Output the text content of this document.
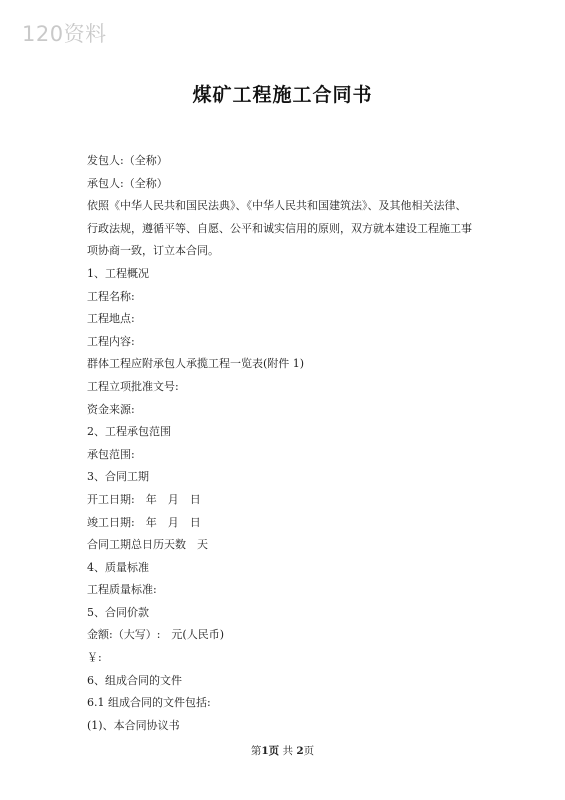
120资料
煤矿工程施工合同书
发包人:（全称）
承包人:（全称）
依照《中华人民共和国民法典》、《中华人民共和国建筑法》、及其他相关法律、
行政法规，遵循平等、自愿、公平和诚实信用的原则，双方就本建设工程施工事
项协商一致，订立本合同。
1、工程概况
工程名称:
工程地点:
工程内容:
群体工程应附承包人承揽工程一览表(附件 1)
工程立项批准文号:
资金来源:
2、工程承包范围
承包范围:
3、合同工期
开工日期:　年　月　日
竣工日期:　年　月　日
合同工期总日历天数　天
4、质量标准
工程质量标准:
5、合同价款
金额:（大写）:　元(人民币)
￥:
6、组成合同的文件
6.1 组成合同的文件包括:
(1)、本合同协议书
第1页 共 2页
